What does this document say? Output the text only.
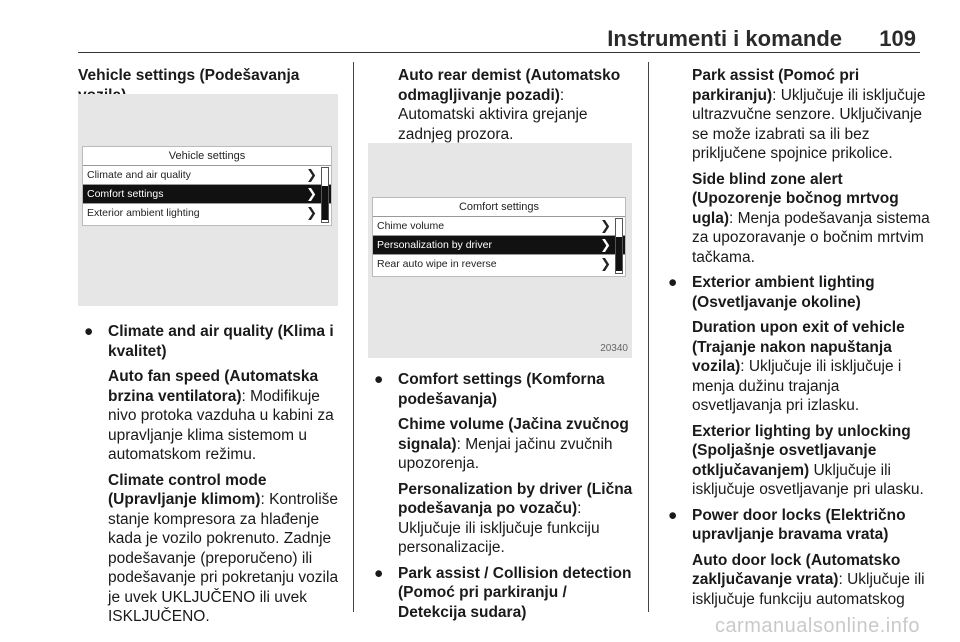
Instrumenti i komande 109

Vehicle settings (Podešavanja

Vehicle settings
Climate and air quality	❯
Comfort settings	❯
Exterior ambient lighting	❯
● Climate and air quality (Klima i kvalitet)

Auto fan speed (Automatska brzina ventilatora): Modifikuje nivo protoka vazduha u kabini za upravljanje klima sistemom u automatskom režimu.

Climate control mode (Upravljanje klimom): Kontroliše stanje kompresora za hlađenje kada je vozilo pokrenuto. Zadnje podešavanje (preporučeno) ili podešavanje pri pokretanju vozila je uvek UKLJUČENO ili uvek ISKLJUČENO.

Auto rear demist (Automatsko odmagljivanje pozadi): Automatski aktivira grejanje zadnjeg prozora.

Comfort settings
Chime volume	❯
Personalization by driver	❯
Rear auto wipe in reverse	❯
20340
● Comfort settings (Komforna podešavanja)

Chime volume (Jačina zvučnog signala): Menjai jačinu zvučnih upozorenja.

Personalization by driver (Lična podešavanja po vozaču): Uključuje ili isključuje funkciju personalizacije.

● Park assist / Collision detection (Pomoć pri parkiranju / Detekcija sudara)

Park assist (Pomoć pri parkiranju): Uključuje ili isključuje ultrazvučne senzore. Uključivanje se može izabrati sa ili bez priključene spojnice prikolice.

Side blind zone alert (Upozorenje bočnog mrtvog ugla): Menja podešavanja sistema za upozoravanje o bočnim mrtvim tačkama.

● Exterior ambient lighting (Osvetljavanje okoline)

Duration upon exit of vehicle (Trajanje nakon napuštanja vozila): Uključuje ili isključuje i menja dužinu trajanja osvetljavanja pri izlasku.

Exterior lighting by unlocking (Spoljašnje osvetljavanje otključavanjem) Uključuje ili isključuje osvetljavanje pri ulasku.

● Power door locks (Električno upravljanje bravama vrata)

Auto door lock (Automatsko zaključavanje vrata): Uključuje ili isključuje funkciju automatskog

carmanualsonline.info
